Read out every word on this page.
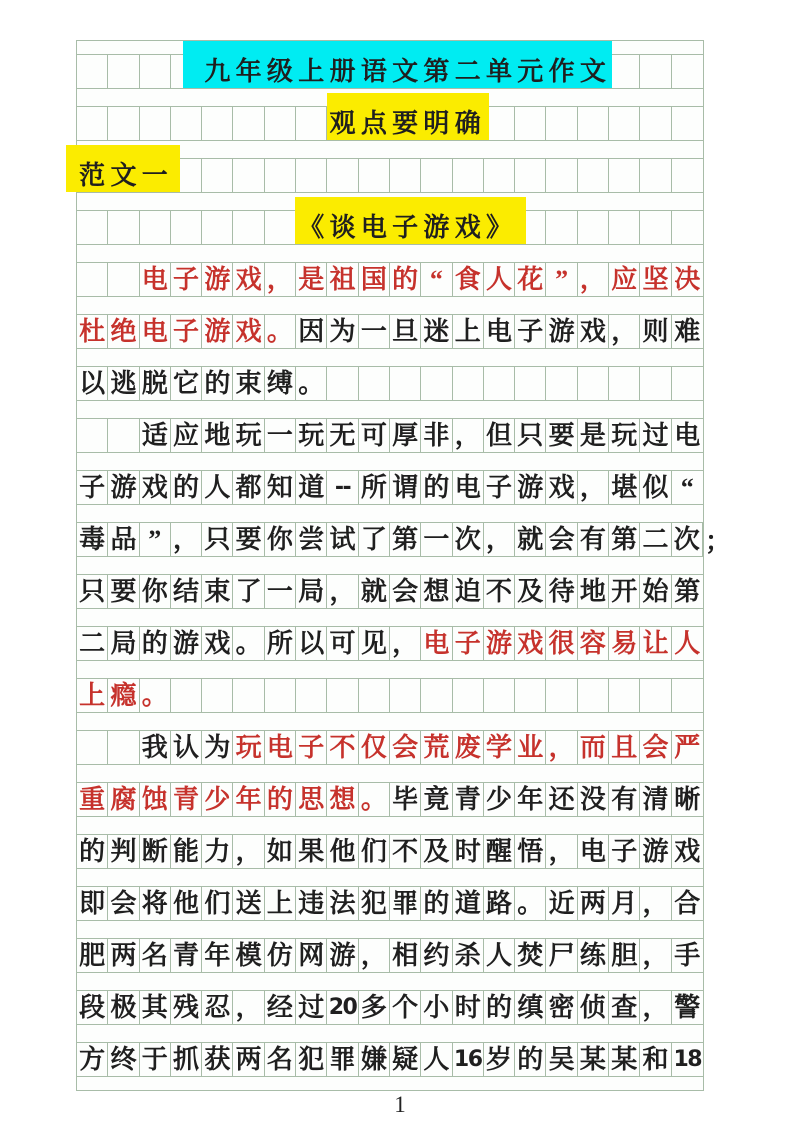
九 年 级 上 册 语 文 第 二 单 元 作 文
观 点 要 明 确
范 文 一
《 谈 电 子 游 戏 》
电 子 游 戏 ， 是 祖 国 的 “ 食 人 花 ” ， 应 坚 决
杜 绝 电 子 游 戏 。 因 为 一 旦 迷 上 电 子 游 戏 ， 则 难
以 逃 脱 它 的 束 缚 。
适 应 地 玩 一 玩 无 可 厚 非 ， 但 只 要 是 玩 过 电
子 游 戏 的 人 都 知 道 -- 所 谓 的 电 子 游 戏 ， 堪 似 “
毒 品 ” ， 只 要 你 尝 试 了 第 一 次 ， 就 会 有 第 二 次 ；
只 要 你 结 束 了 一 局 ， 就 会 想 迫 不 及 待 地 开 始 第
二 局 的 游 戏 。 所 以 可 见 ， 电 子 游 戏 很 容 易 让 人
上 瘾 。
我 认 为 玩 电 子 不 仅 会 荒 废 学 业 ， 而 且 会 严
重 腐 蚀 青 少 年 的 思 想 。 毕 竟 青 少 年 还 没 有 清 晰
的 判 断 能 力 ， 如 果 他 们 不 及 时 醒 悟 ， 电 子 游 戏
即 会 将 他 们 送 上 违 法 犯 罪 的 道 路 。 近 两 月 ， 合
肥 两 名 青 年 模 仿 网 游 ， 相 约 杀 人 焚 尸 练 胆 ， 手
段 极 其 残 忍 ， 经 过 20 多 个 小 时 的 缜 密 侦 查 ， 警
方 终 于 抓 获 两 名 犯 罪 嫌 疑 人 16 岁 的 吴 某 某 和 18
1
